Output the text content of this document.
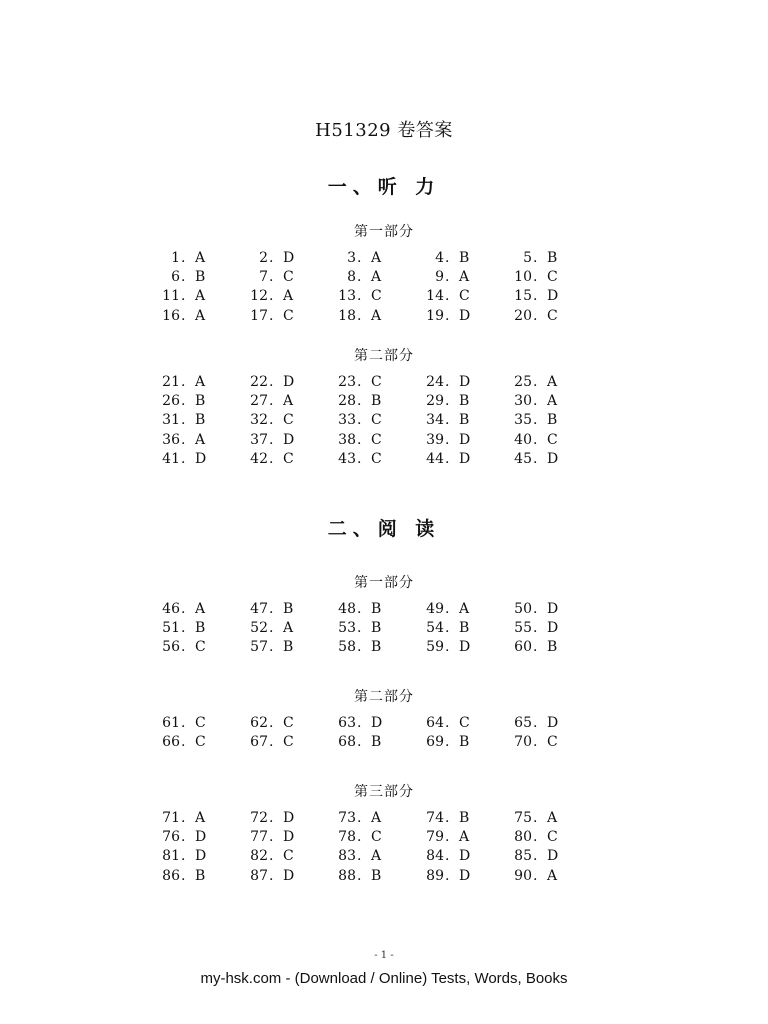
H51329 卷答案
一、听 力
第一部分
1 . A	2 . D	3 . A	4 . B	5 . B
6 . B	7 . C	8 . A	9 . A	10 . C
11 . A	12 . A	13 . C	14 . C	15 . D
16 . A	17 . C	18 . A	19 . D	20 . C
第二部分
21 . A	22 . D	23 . C	24 . D	25 . A
26 . B	27 . A	28 . B	29 . B	30 . A
31 . B	32 . C	33 . C	34 . B	35 . B
36 . A	37 . D	38 . C	39 . D	40 . C
41 . D	42 . C	43 . C	44 . D	45 . D
二、阅 读
第一部分
46 . A	47 . B	48 . B	49 . A	50 . D
51 . B	52 . A	53 . B	54 . B	55 . D
56 . C	57 . B	58 . B	59 . D	60 . B
第二部分
61 . C	62 . C	63 . D	64 . C	65 . D
66 . C	67 . C	68 . B	69 . B	70 . C
第三部分
71 . A	72 . D	73 . A	74 . B	75 . A
76 . D	77 . D	78 . C	79 . A	80 . C
81 . D	82 . C	83 . A	84 . D	85 . D
86 . B	87 . D	88 . B	89 . D	90 . A
- 1 -
my-hsk.com - (Download / Online) Tests, Words, Books
